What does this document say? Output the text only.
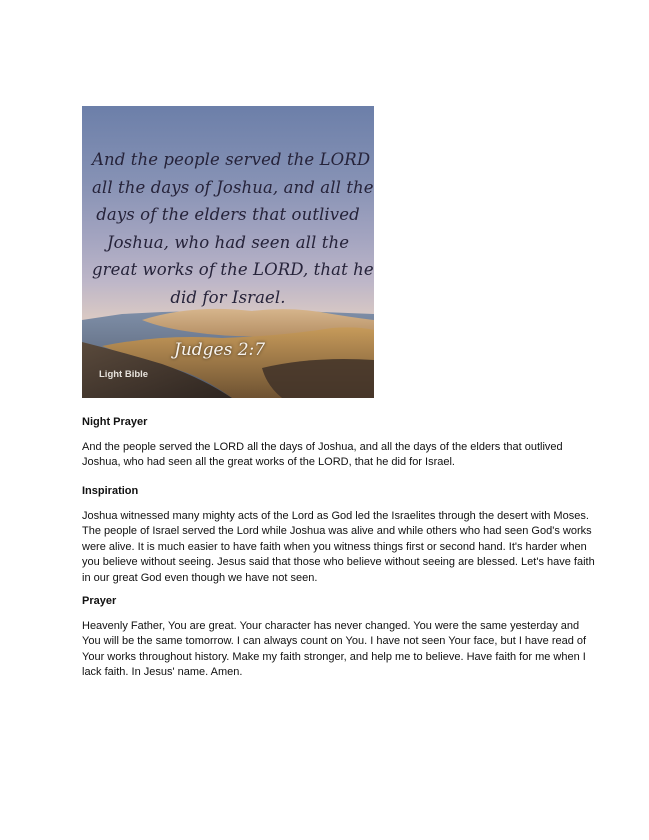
And the people served the LORD
all the days of Joshua, and all the
days of the elders that outlived
Joshua, who had seen all the
great works of the LORD, that he
did for Israel.
Judges 2:7
Light Bible

Night Prayer

And the people served the LORD all the days of Joshua, and all the days of the elders that outlived
Joshua, who had seen all the great works of the LORD, that he did for Israel.

Inspiration

Joshua witnessed many mighty acts of the Lord as God led the Israelites through the desert with Moses.
The people of Israel served the Lord while Joshua was alive and while others who had seen God's works
were alive. It is much easier to have faith when you witness things first or second hand. It's harder when
you believe without seeing. Jesus said that those who believe without seeing are blessed. Let's have faith
in our great God even though we have not seen.

Prayer

Heavenly Father, You are great. Your character has never changed. You were the same yesterday and
You will be the same tomorrow. I can always count on You. I have not seen Your face, but I have read of
Your works throughout history. Make my faith stronger, and help me to believe. Have faith for me when I
lack faith. In Jesus' name. Amen.
